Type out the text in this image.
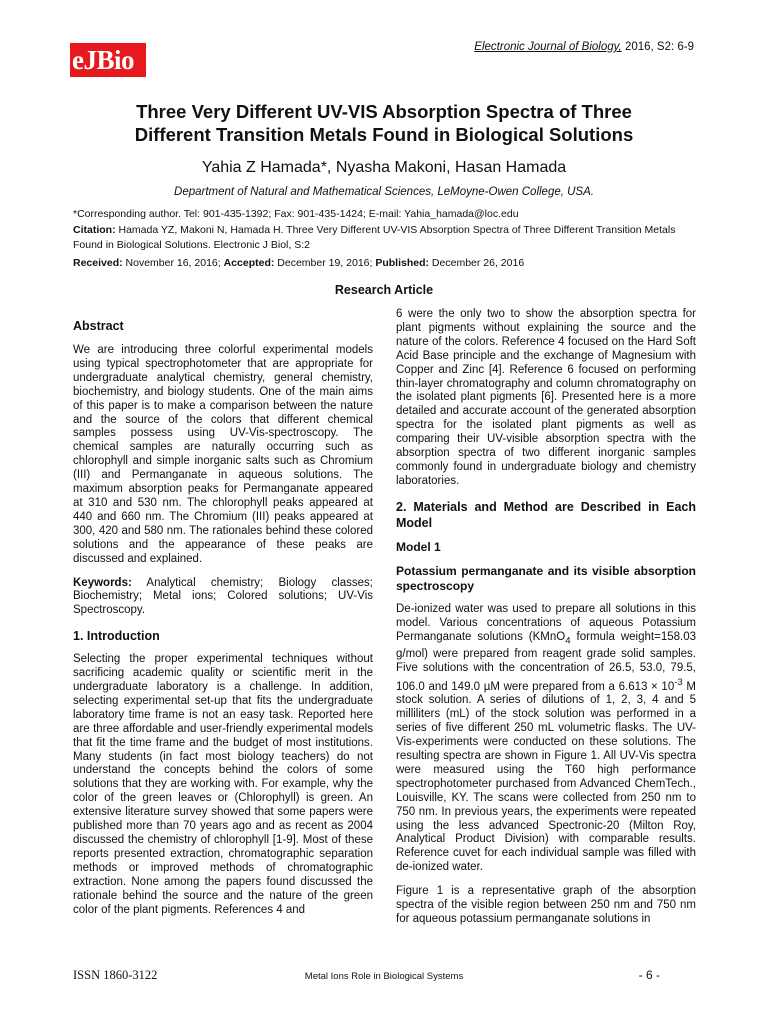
eJBio	Electronic Journal of Biology, 2016, S2: 6-9
Three Very Different UV-VIS Absorption Spectra of Three
Different Transition Metals Found in Biological Solutions
Yahia Z Hamada*, Nyasha Makoni, Hasan Hamada
Department of Natural and Mathematical Sciences, LeMoyne-Owen College, USA.
*Corresponding author. Tel: 901-435-1392; Fax: 901-435-1424; E-mail: Yahia_hamada@loc.edu
Citation: Hamada YZ, Makoni N, Hamada H. Three Very Different UV-VIS Absorption Spectra of Three Different Transition Metals Found in Biological Solutions. Electronic J Biol, S:2
Received: November 16, 2016; Accepted: December 19, 2016; Published: December 26, 2016
Research Article
Abstract

We are introducing three colorful experimental models using typical spectrophotometer that are appropriate for undergraduate analytical chemistry, general chemistry, biochemistry, and biology students. One of the main aims of this paper is to make a comparison between the nature and the source of the colors that different chemical samples possess using UV-Vis-spectroscopy. The chemical samples are naturally occurring such as chlorophyll and simple inorganic salts such as Chromium (III) and Permanganate in aqueous solutions. The maximum absorption peaks for Permanganate appeared at 310 and 530 nm. The chlorophyll peaks appeared at 440 and 660 nm. The Chromium (III) peaks appeared at 300, 420 and 580 nm. The rationales behind these colored solutions and the appearance of these peaks are discussed and explained.

Keywords: Analytical chemistry; Biology classes; Biochemistry; Metal ions; Colored solutions; UV-Vis Spectroscopy.

1. Introduction

Selecting the proper experimental techniques without sacrificing academic quality or scientific merit in the undergraduate laboratory is a challenge. In addition, selecting experimental set-up that fits the undergraduate laboratory time frame is not an easy task. Reported here are three affordable and user-friendly experimental models that fit the time frame and the budget of most institutions. Many students (in fact most biology teachers) do not understand the concepts behind the colors of some solutions that they are working with. For example, why the color of the green leaves or (Chlorophyll) is green. An extensive literature survey showed that some papers were published more than 70 years ago and as recent as 2004 discussed the chemistry of chlorophyll [1-9]. Most of these reports presented extraction, chromatographic separation methods or improved methods of chromatographic extraction. None among the papers found discussed the rationale behind the source and the nature of the green color of the plant pigments. References 4 and

6 were the only two to show the absorption spectra for plant pigments without explaining the source and the nature of the colors. Reference 4 focused on the Hard Soft Acid Base principle and the exchange of Magnesium with Copper and Zinc [4]. Reference 6 focused on performing thin-layer chromatography and column chromatography on the isolated plant pigments [6]. Presented here is a more detailed and accurate account of the generated absorption spectra for the isolated plant pigments as well as comparing their UV-visible absorption spectra with the absorption spectra of two different inorganic samples commonly found in undergraduate biology and chemistry laboratories.

2. Materials and Method are Described in Each Model
Model 1
Potassium permanganate and its visible absorption spectroscopy

De-ionized water was used to prepare all solutions in this model. Various concentrations of aqueous Potassium Permanganate solutions (KMnO$_4$ formula weight=158.03 g/mol) were prepared from reagent grade solid samples. Five solutions with the concentration of 26.5, 53.0, 79.5, 106.0 and 149.0 µM were prepared from a $6.613 \times 10^{-3}$ M stock solution. A series of dilutions of 1, 2, 3, 4 and 5 milliliters (mL) of the stock solution was performed in a series of five different 250 mL volumetric flasks. The UV-Vis-experiments were conducted on these solutions. The resulting spectra are shown in Figure 1. All UV-Vis spectra were measured using the T60 high performance spectrophotometer purchased from Advanced ChemTech., Louisville, KY. The scans were collected from 250 nm to 750 nm. In previous years, the experiments were repeated using the less advanced Spectronic-20 (Milton Roy, Analytical Product Division) with comparable results. Reference cuvet for each individual sample was filled with de-ionized water.

Figure 1 is a representative graph of the absorption spectra of the visible region between 250 nm and 750 nm for aqueous potassium permanganate solutions in

ISSN 1860-3122	Metal Ions Role in Biological Systems	- 6 -
